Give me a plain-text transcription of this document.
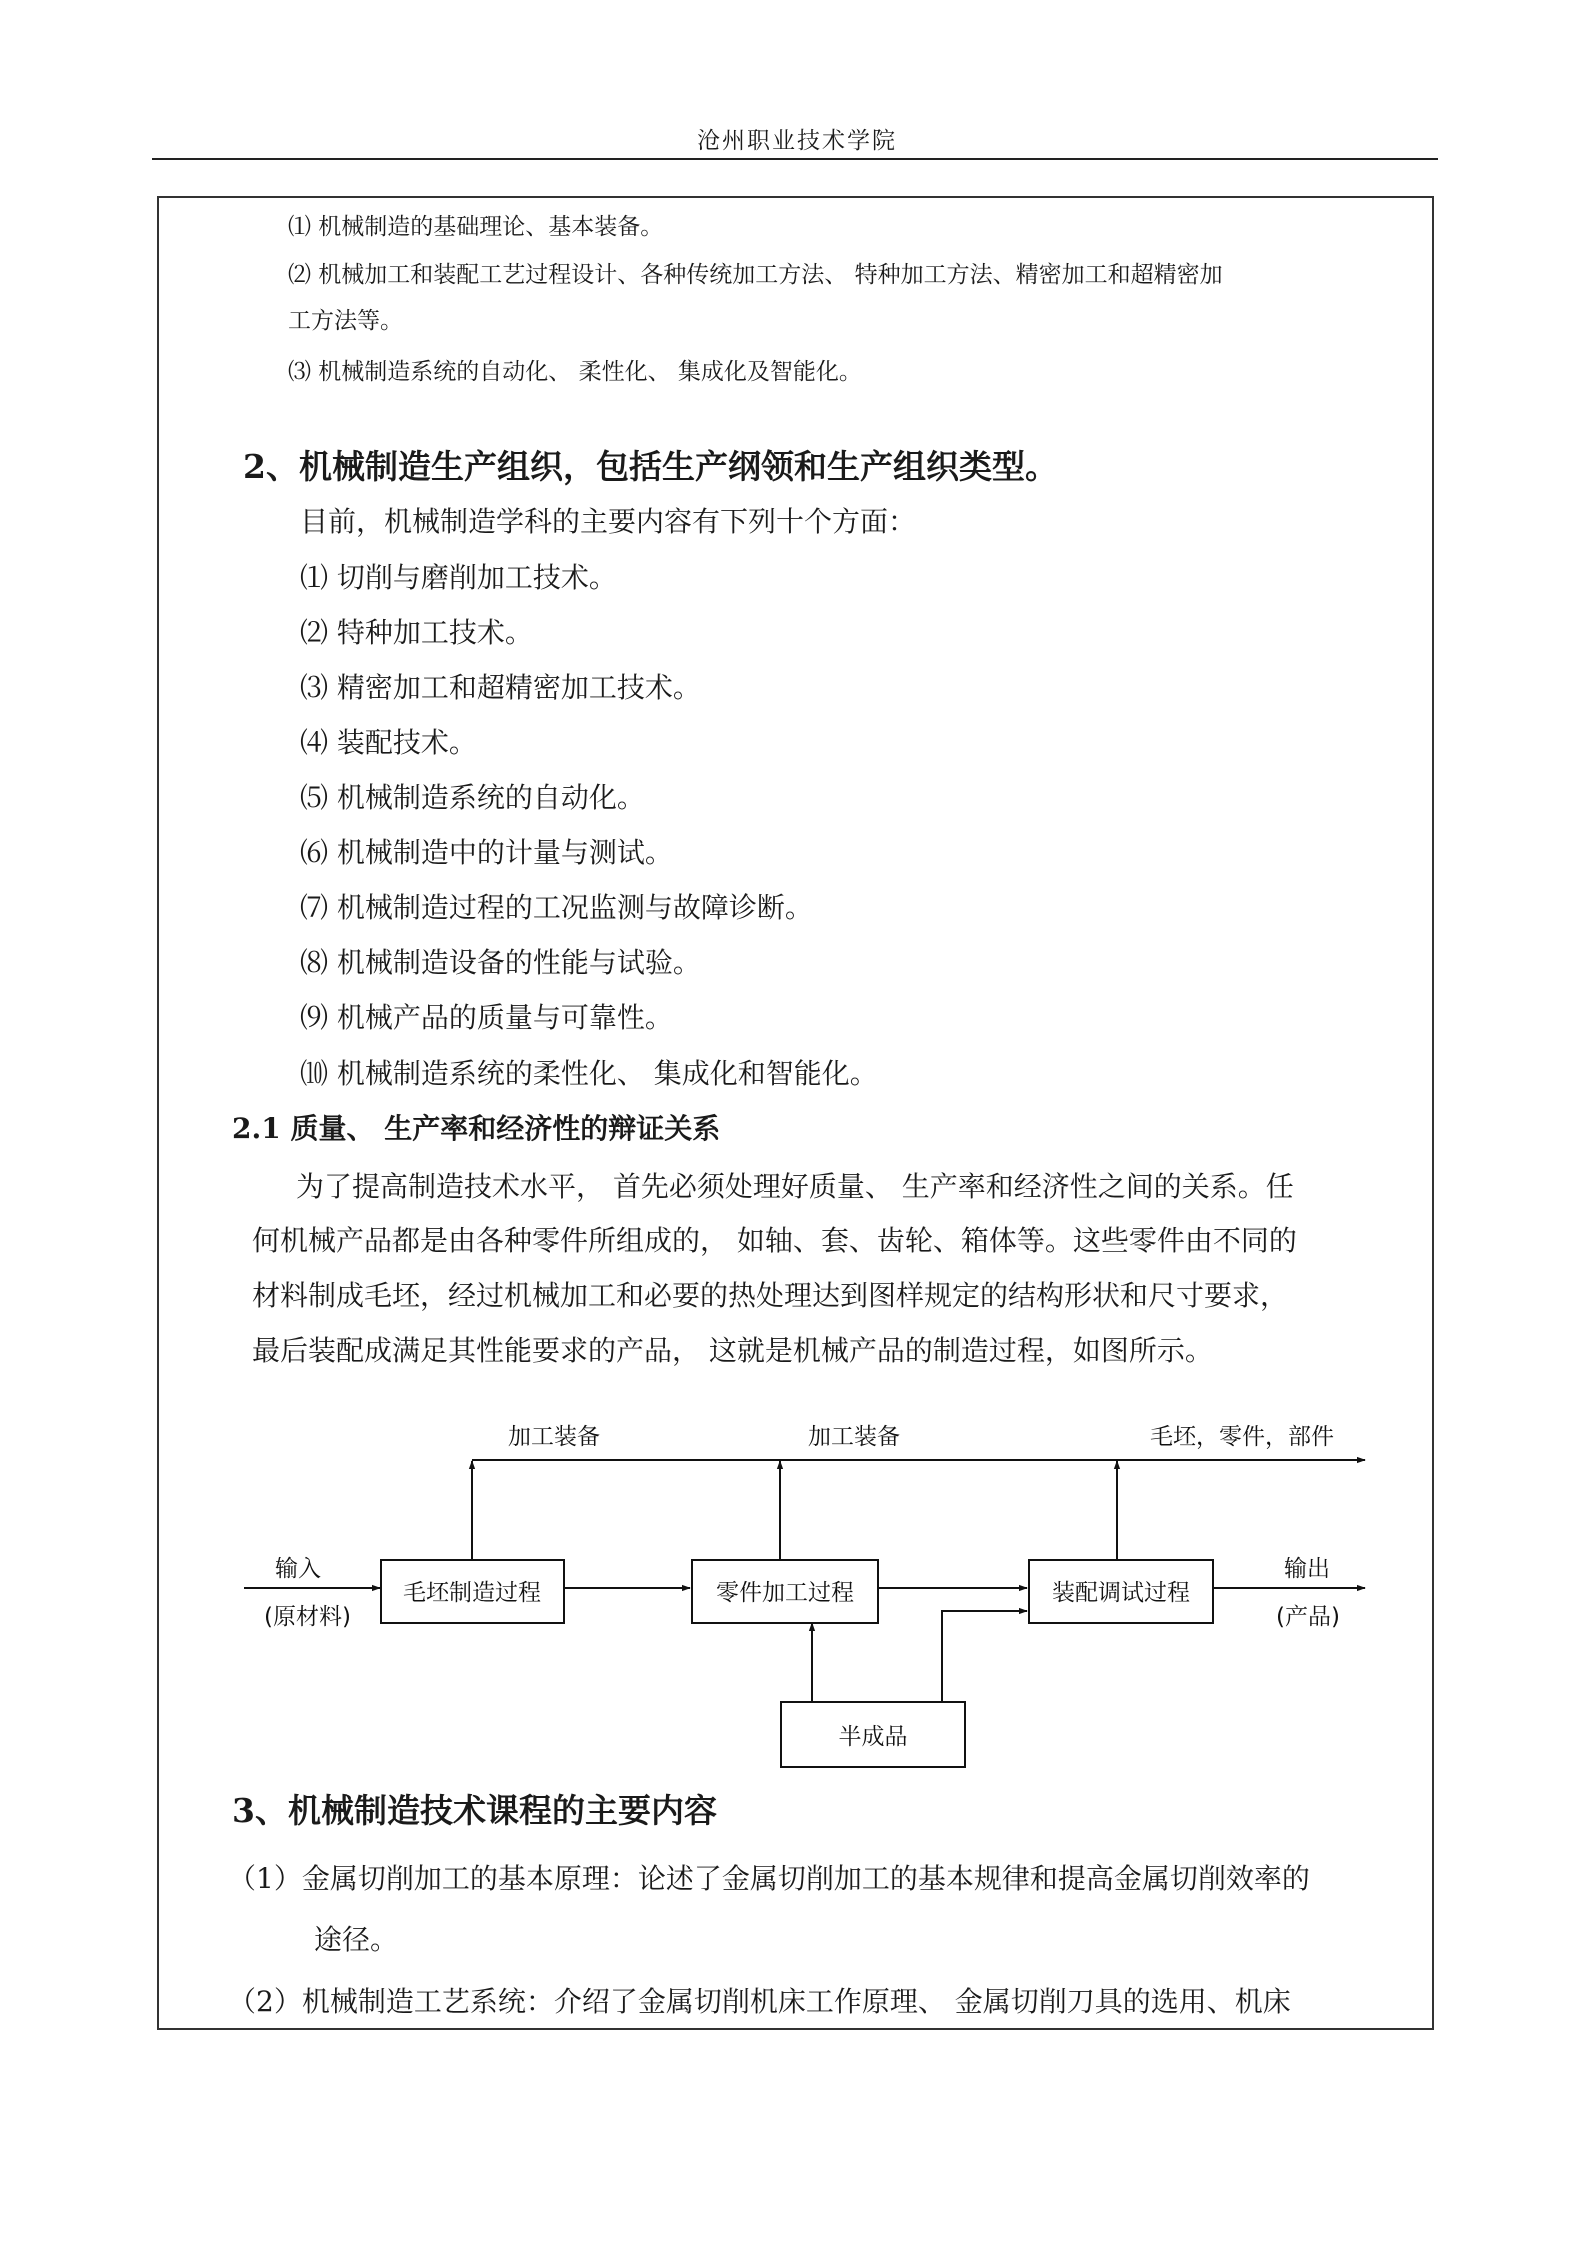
沧州职业技术学院
⑴ 机械制造的基础理论、基本装备。
⑵ 机械加工和装配工艺过程设计、各种传统加工方法、 特种加工方法、精密加工和超精密加
工方法等。
⑶ 机械制造系统的自动化、 柔性化、 集成化及智能化。
2、机械制造生产组织，包括生产纲领和生产组织类型。
目前，机械制造学科的主要内容有下列十个方面：
⑴ 切削与磨削加工技术。
⑵ 特种加工技术。
⑶ 精密加工和超精密加工技术。
⑷ 装配技术。
⑸ 机械制造系统的自动化。
⑹ 机械制造中的计量与测试。
⑺ 机械制造过程的工况监测与故障诊断。
⑻ 机械制造设备的性能与试验。
⑼ 机械产品的质量与可靠性。
⑽ 机械制造系统的柔性化、 集成化和智能化。
2.1 质量、 生产率和经济性的辩证关系
为了提高制造技术水平， 首先必须处理好质量、 生产率和经济性之间的关系。任
何机械产品都是由各种零件所组成的， 如轴、套、齿轮、箱体等。这些零件由不同的
材料制成毛坯，经过机械加工和必要的热处理达到图样规定的结构形状和尺寸要求，
最后装配成满足其性能要求的产品， 这就是机械产品的制造过程，如图所示。
加工装备	加工装备	毛坯，零件，部件
输入
(原材料)
输出
(产品)
毛坯制造过程	零件加工过程	装配调试过程
半成品
3、机械制造技术课程的主要内容
（1）金属切削加工的基本原理：论述了金属切削加工的基本规律和提高金属切削效率的
途径。
（2）机械制造工艺系统：介绍了金属切削机床工作原理、 金属切削刀具的选用、机床
